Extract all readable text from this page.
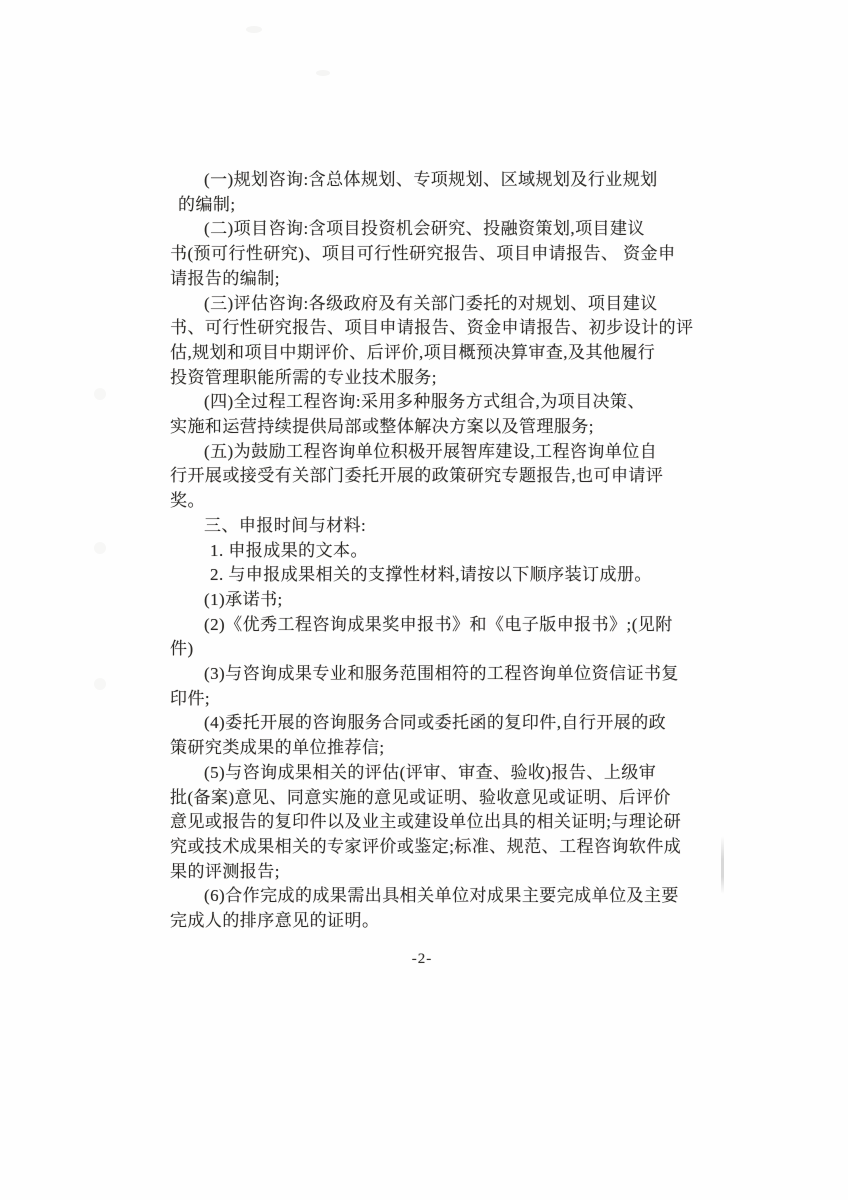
(一)规划咨询:含总体规划、专项规划、区域规划及行业规划
的编制;
(二)项目咨询:含项目投资机会研究、投融资策划,项目建议
书(预可行性研究)、项目可行性研究报告、项目申请报告、 资金申
请报告的编制;
(三)评估咨询:各级政府及有关部门委托的对规划、项目建议
书、可行性研究报告、项目申请报告、资金申请报告、初步设计的评
估,规划和项目中期评价、后评价,项目概预决算审查,及其他履行
投资管理职能所需的专业技术服务;
(四)全过程工程咨询:采用多种服务方式组合,为项目决策、
实施和运营持续提供局部或整体解决方案以及管理服务;
(五)为鼓励工程咨询单位积极开展智库建设,工程咨询单位自
行开展或接受有关部门委托开展的政策研究专题报告,也可申请评
奖。
三、申报时间与材料:
1. 申报成果的文本。
2. 与申报成果相关的支撑性材料,请按以下顺序装订成册。
(1)承诺书;
(2)《优秀工程咨询成果奖申报书》和《电子版申报书》;(见附
件)
(3)与咨询成果专业和服务范围相符的工程咨询单位资信证书复
印件;
(4)委托开展的咨询服务合同或委托函的复印件,自行开展的政
策研究类成果的单位推荐信;
(5)与咨询成果相关的评估(评审、审查、验收)报告、上级审
批(备案)意见、同意实施的意见或证明、验收意见或证明、后评价
意见或报告的复印件以及业主或建设单位出具的相关证明;与理论研
究或技术成果相关的专家评价或鉴定;标准、规范、工程咨询软件成
果的评测报告;
(6)合作完成的成果需出具相关单位对成果主要完成单位及主要
完成人的排序意见的证明。
-2-
